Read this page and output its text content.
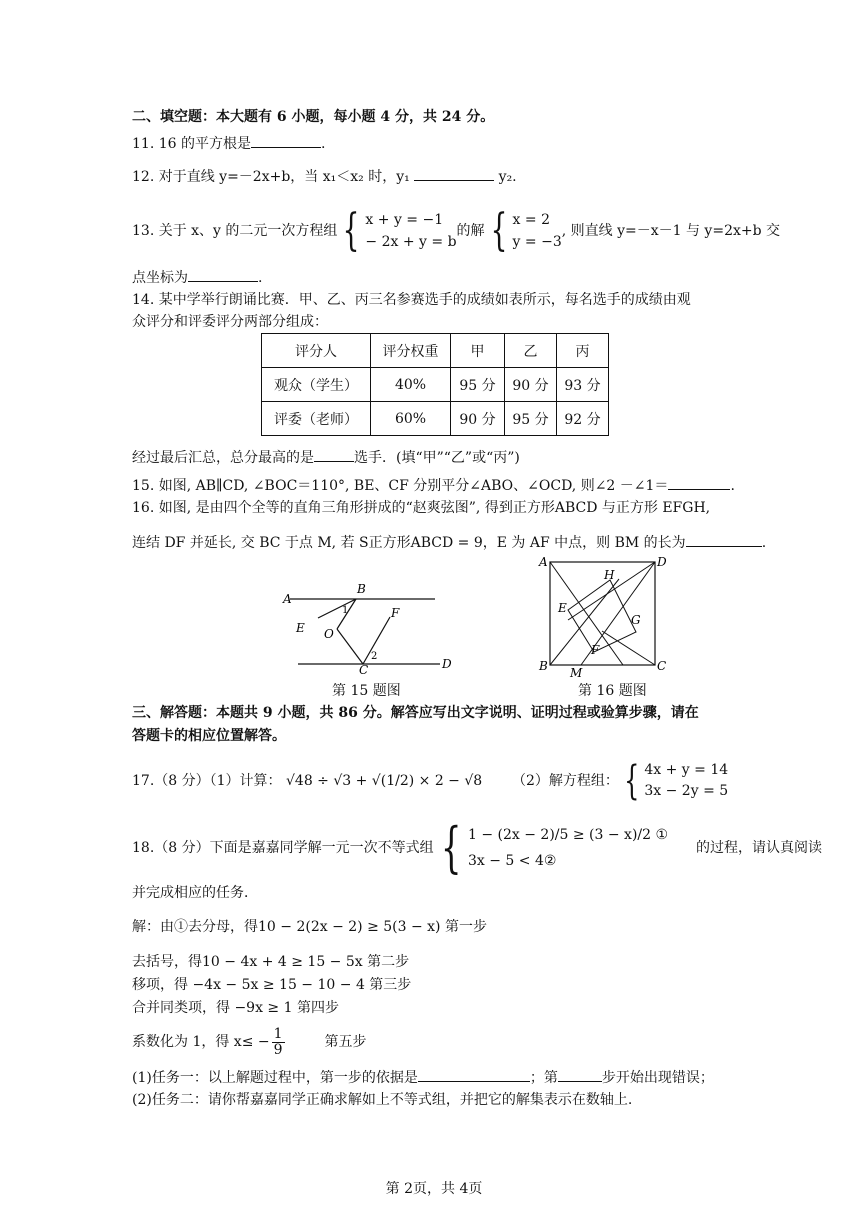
二、填空题：本大题有 6 小题，每小题 4 分，共 24 分。
11. 16 的平方根是	.
12. 对于直线 y=－2x+b，当 x₁＜x₂ 时，y₁	y₂.
13. 关于 x、y 的二元一次方程组 { x + y = −1
− 2x + y = b
的解 { x = 2
y = −3
, 则直线 y=－x－1 与 y=2x+b 交
点坐标为	.
14. 某中学举行朗诵比赛．甲、乙、丙三名参赛选手的成绩如表所示，每名选手的成绩由观
众评分和评委评分两部分组成：
评分人	评分权重	甲	乙	丙
观众（学生）	40%	95 分	90 分	93 分
评委（老师）	60%	90 分	95 分	92 分
经过最后汇总，总分最高的是	选手．(填“甲”“乙”或“丙”)
15. 如图, AB∥CD, ∠BOC＝110°, BE、CF 分别平分∠ABO、∠OCD, 则∠2 －∠1＝	.
16. 如图, 是由四个全等的直角三角形拼成的“赵爽弦图”, 得到正方形ABCD 与正方形 EFGH,
连结 DF 并延长, 交 BC 于点 M, 若 S正方形ABCD = 9，E 为 AF 中点，则 BM 的长为	.
A
B
C	D
E
F
O
1
2
第 15 题图
A
B	C
D
E
F
G
H
M
第 16 题图
三、解答题：本题共 9 小题，共 86 分。解答应写出文字说明、证明过程或验算步骤，请在
答题卡的相应位置解答。
17.（8 分）（1）计算： √48 ÷ √3 + √(1/2) × 2 − √8 （2）解方程组： { 4x + y = 14
3x − 2y = 5
18.（8 分）下面是嘉嘉同学解一元一次不等式组 { 1 − (2x − 2)/5 ≥ (3 − x)/2 ①
3x − 5 < 4②
的过程，请认真阅读
并完成相应的任务．
解：由①去分母，得10 − 2(2x − 2) ≥ 5(3 − x) 第一步
去括号，得10 − 4x + 4 ≥ 15 − 5x 第二步
移项，得 −4x − 5x ≥ 15 − 10 − 4 第三步
合并同类项，得 −9x ≥ 1 第四步
系数化为 1，得 $x\le - \frac{1}{9}$	第五步
(1)任务一：以上解题过程中，第一步的依据是	；第	步开始出现错误；
(2)任务二：请你帮嘉嘉同学正确求解如上不等式组，并把它的解集表示在数轴上.
第 2页，共 4页
